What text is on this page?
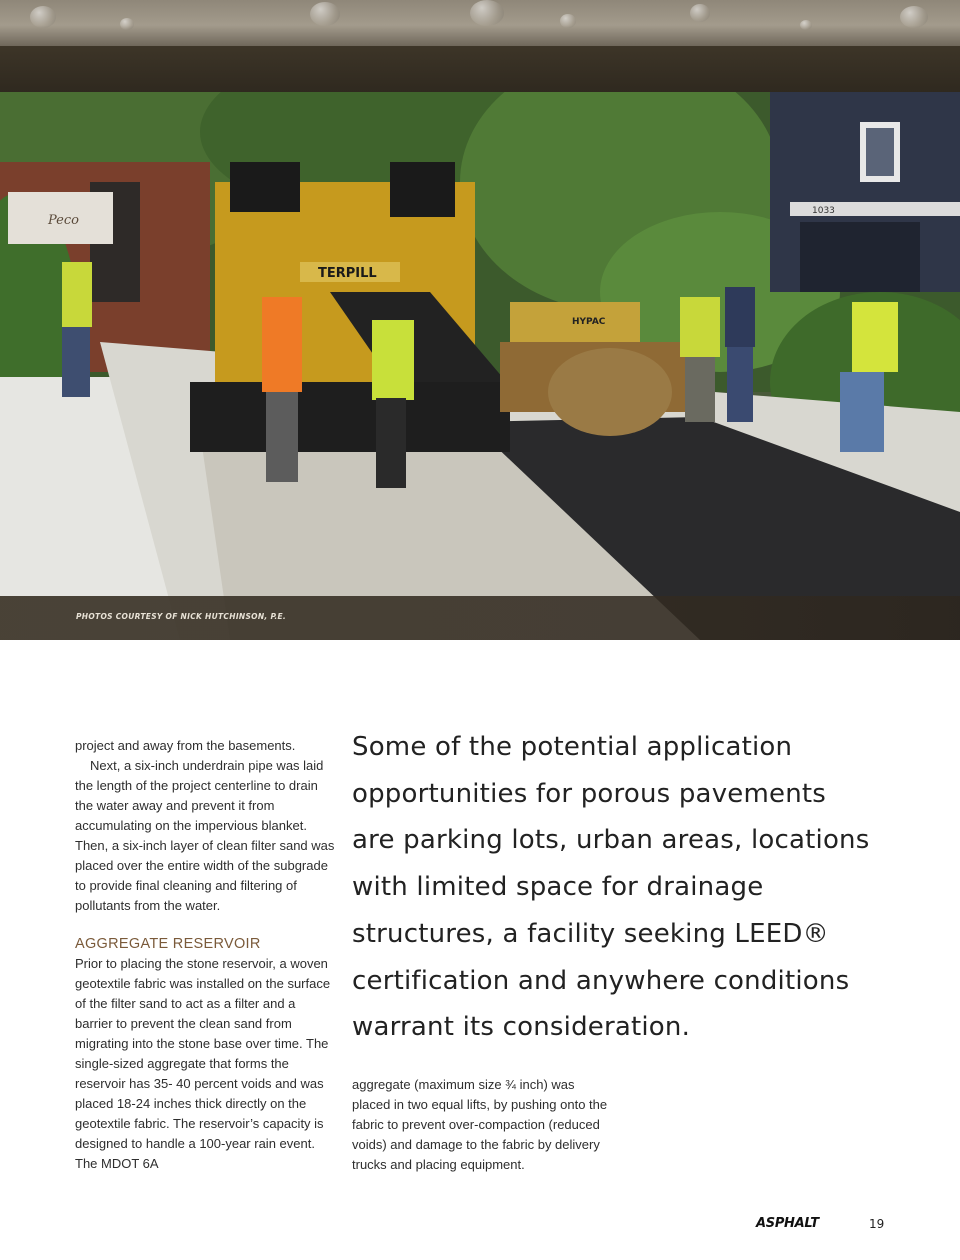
1033
Peco
TERPILL
HYPAC
PHOTOS COURTESY OF NICK HUTCHINSON, P.E.

project and away from the basements.

Next, a six-inch underdrain pipe was laid the length of the project centerline to drain the water away and prevent it from accumulating on the impervious blanket. Then, a six-inch layer of clean filter sand was placed over the entire width of the subgrade to provide final cleaning and filtering of pollutants from the water.

AGGREGATE RESERVOIR

Prior to placing the stone reservoir, a woven geotextile fabric was installed on the surface of the filter sand to act as a filter and a barrier to prevent the clean sand from migrating into the stone base over time. The single-sized aggregate that forms the reservoir has 35- 40 percent voids and was placed 18-24 inches thick directly on the geotextile fabric. The reservoir’s capacity is designed to handle a 100-year rain event. The MDOT 6A

Some of the potential application opportunities for porous pavements are parking lots, urban areas, locations with limited space for drainage structures, a facility seeking LEED® certification and anywhere conditions warrant its consideration.

aggregate (maximum size ¾ inch) was placed in two equal lifts, by pushing onto the fabric to prevent over-compaction (reduced voids) and damage to the fabric by delivery trucks and placing equipment.

ASPHALT	19
